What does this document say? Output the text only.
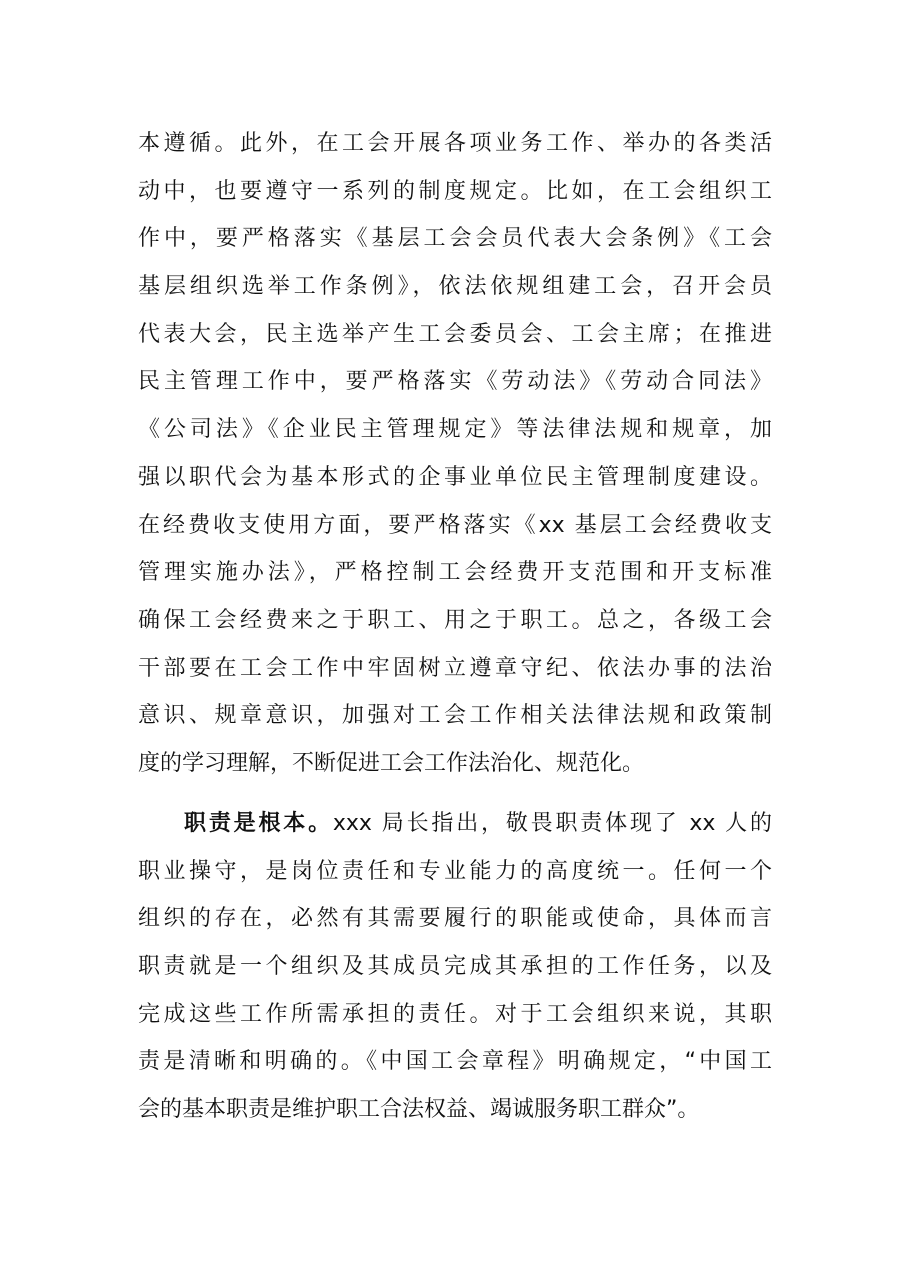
本遵循。此外，在工会开展各项业务工作、举办的各类活
动中，也要遵守一系列的制度规定。比如，在工会组织工
作中，要严格落实《基层工会会员代表大会条例》《工会
基层组织选举工作条例》，依法依规组建工会，召开会员
代表大会，民主选举产生工会委员会、工会主席；在推进
民主管理工作中，要严格落实《劳动法》《劳动合同法》
《公司法》《企业民主管理规定》等法律法规和规章，加
强以职代会为基本形式的企事业单位民主管理制度建设。
在经费收支使用方面，要严格落实《xx 基层工会经费收支
管理实施办法》，严格控制工会经费开支范围和开支标准
确保工会经费来之于职工、用之于职工。总之，各级工会
干部要在工会工作中牢固树立遵章守纪、依法办事的法治
意识、规章意识，加强对工会工作相关法律法规和政策制
度的学习理解，不断促进工会工作法治化、规范化。
职责是根本。xxx 局长指出，敬畏职责体现了 xx 人的
职业操守，是岗位责任和专业能力的高度统一。任何一个
组织的存在，必然有其需要履行的职能或使命，具体而言
职责就是一个组织及其成员完成其承担的工作任务，以及
完成这些工作所需承担的责任。对于工会组织来说，其职
责是清晰和明确的。《中国工会章程》明确规定，“中国工
会的基本职责是维护职工合法权益、竭诚服务职工群众”。
